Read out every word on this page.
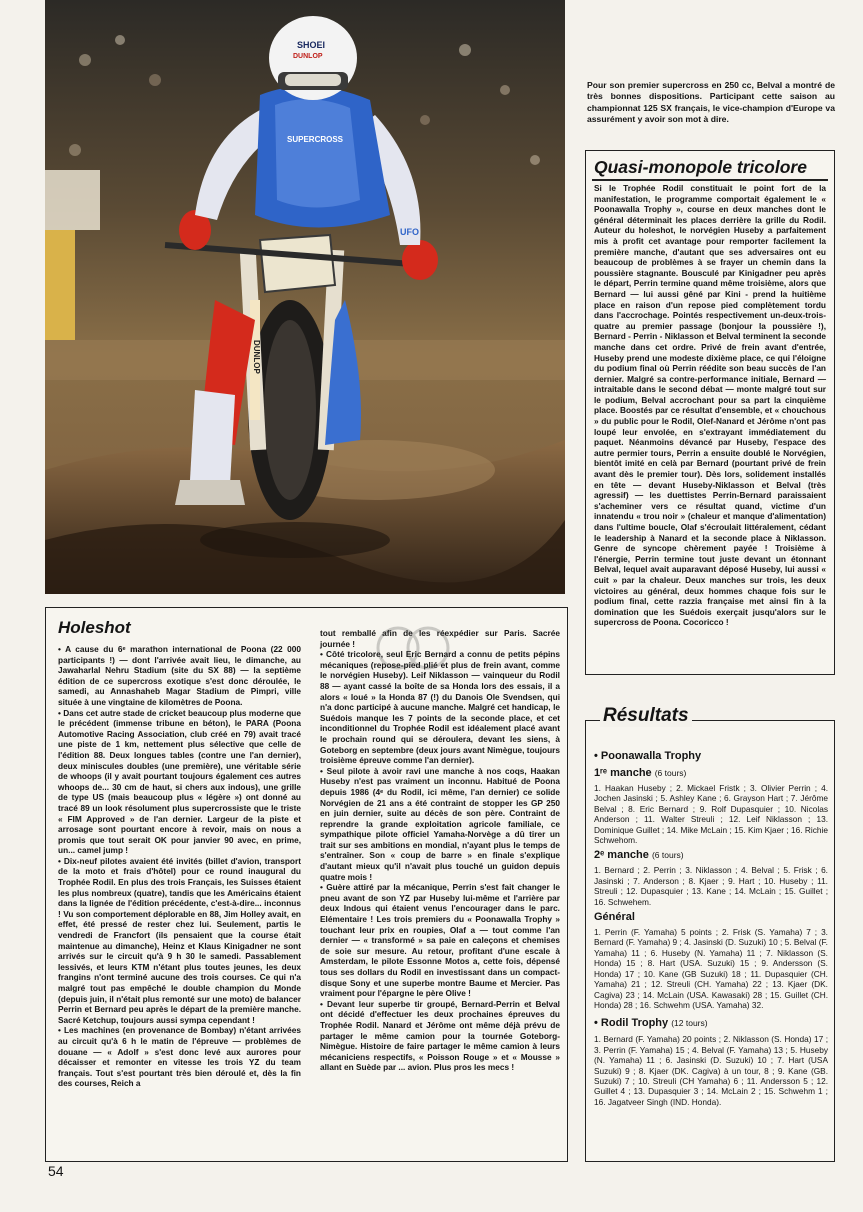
DUNLOP
SUPERCROSS
UFO
SHOEI
DUNLOP
Pour son premier supercross en 250 cc, Belval a montré de très bonnes dispositions. Participant cette saison au championnat 125 SX français, le vice-champion d'Europe va assurément y avoir son mot à dire.
Quasi-monopole tricolore
Si le Trophée Rodil constituait le point fort de la manifestation, le programme comportait également le « Poonawalla Trophy », course en deux manches dont le général déterminait les places derrière la grille du Rodil. Auteur du holeshot, le norvégien Huseby a parfaitement mis à profit cet avantage pour remporter facilement la première manche, d'autant que ses adversaires ont eu beaucoup de problèmes à se frayer un chemin dans la poussière stagnante. Bousculé par Kinigadner peu après le départ, Perrin termine quand même troisième, alors que Bernard — lui aussi gêné par Kini - prend la huitième place en raison d'un repose pied complètement tordu dans l'accrochage. Pointés respectivement un-deux-trois-quatre au premier passage (bonjour la poussière !), Bernard - Perrin - Niklasson et Belval terminent la seconde manche dans cet ordre. Privé de frein avant d'entrée, Huseby prend une modeste dixième place, ce qui l'éloigne du podium final où Perrin réédite son beau succès de l'an dernier. Malgré sa contre-performance initiale, Bernard — intraitable dans le second débat — monte malgré tout sur le podium, Belval accrochant pour sa part la cinquième place. Boostés par ce résultat d'ensemble, et « chouchous » du public pour le Rodil, Olef-Nanard et Jérôme n'ont pas loupé leur envolée, en s'extrayant immédiatement du paquet. Néanmoins dévancé par Huseby, l'espace des autre permier tours, Perrin a ensuite doublé le Norvégien, bientôt imité en celà par Bernard (pourtant privé de frein avant dès le premier tour). Dès lors, solidement installés en tête — devant Huseby-Niklasson et Belval (très agressif) — les duettistes Perrin-Bernard paraissaient s'acheminer vers ce résultat quand, victime d'un innatendu « trou noir » (chaleur et manque d'alimentation) dans l'ultime boucle, Olaf s'écroulait littéralement, cédant le leadership à Nanard et la seconde place à Niklasson. Genre de syncope chèrement payée ! Troisième à l'énergie, Perrin termine tout juste devant un étonnant Belval, lequel avait auparavant déposé Huseby, lui aussi « cuit » par la chaleur. Deux manches sur trois, les deux victoires au général, deux hommes chaque fois sur le podium final, cette razzia française met ainsi fin à la domination que les Suédois exerçait jusqu'alors sur le supercross de Poona. Cocoricco !
Holeshot

• A cause du 6ᵉ marathon international de Poona (22 000 participants !) — dont l'arrivée avait lieu, le dimanche, au Jawaharlal Nehru Stadium (site du SX 88) — la septième édition de ce supercross exotique s'est donc déroulée, le samedi, au Annashaheb Magar Stadium de Pimpri, ville située à une vingtaine de kilomètres de Poona.

• Dans cet autre stade de cricket beaucoup plus moderne que le précédent (immense tribune en béton), le PARA (Poona Automotive Racing Association, club créé en 79) avait tracé une piste de 1 km, nettement plus sélective que celle de l'édition 88. Deux longues tables (contre une l'an dernier), deux miniscules doubles (une première), une véritable série de whoops (il y avait pourtant toujours également ces autres whoops de... 30 cm de haut, si chers aux indous), une grille de type US (mais beaucoup plus « légère ») ont donné au tracé 89 un look résolument plus supercrossiste que le triste « FIM Approved » de l'an dernier. Largeur de la piste et arrosage sont pourtant encore à revoir, mais on nous a promis que tout serait OK pour janvier 90 avec, en prime, un... camel jump !

• Dix-neuf pilotes avaient été invités (billet d'avion, transport de la moto et frais d'hôtel) pour ce round inaugural du Trophée Rodil. En plus des trois Français, les Suisses étaient les plus nombreux (quatre), tandis que les Américains étaient dans la lignée de l'édition précédente, c'est-à-dire... inconnus ! Vu son comportement déplorable en 88, Jim Holley avait, en effet, été pressé de rester chez lui. Seulement, partis le vendredi de Francfort (ils pensaient que la course était maintenue au dimanche), Heinz et Klaus Kinigadner ne sont arrivés sur le circuit qu'à 9 h 30 le samedi. Passablement lessivés, et leurs KTM n'étant plus toutes jeunes, les deux frangins n'ont terminé aucune des trois courses. Ce qui n'a malgré tout pas empêché le double champion du Monde (depuis juin, il n'était plus remonté sur une moto) de balancer Perrin et Bernard peu après le départ de la première manche. Sacré Ketchup, toujours aussi sympa cependant !

• Les machines (en provenance de Bombay) n'étant arrivées au circuit qu'à 6 h le matin de l'épreuve — problèmes de douane — « Adolf » s'est donc levé aux aurores pour décaisser et remonter en vitesse les trois YZ du team français. Tout s'est pourtant très bien déroulé et, dès la fin des courses, Reich a

tout remballé afin de les réexpédier sur Paris. Sacrée journée !

• Côté tricolore, seul Eric Bernard a connu de petits pépins mécaniques (repose-pied plié et plus de frein avant, comme le norvégien Huseby). Leif Niklasson — vainqueur du Rodil 88 — ayant cassé la boîte de sa Honda lors des essais, il a alors « loué » la Honda 87 (!) du Danois Ole Svendsen, qui n'a donc participé à aucune manche. Malgré cet handicap, le Suédois manque les 7 points de la seconde place, et cet inconditionnel du Trophée Rodil est idéalement placé avant le prochain round qui se déroulera, devant les siens, à Goteborg en septembre (deux jours avant Nimègue, toujours troisième épreuve comme l'an dernier).

• Seul pilote à avoir ravi une manche à nos coqs, Haakan Huseby n'est pas vraiment un inconnu. Habitué de Poona depuis 1986 (4ᵉ du Rodil, ici même, l'an dernier) ce solide Norvégien de 21 ans a été contraint de stopper les GP 250 en juin dernier, suite au décès de son père. Contraint de reprendre la grande exploitation agricole familiale, ce sympathique pilote officiel Yamaha-Norvège a dû tirer un trait sur ses ambitions en mondial, n'ayant plus le temps de s'entraîner. Son « coup de barre » en finale s'explique d'autant mieux qu'il n'avait plus touché un guidon depuis quatre mois !

• Guère attiré par la mécanique, Perrin s'est fait changer le pneu avant de son YZ par Huseby lui-même et l'arrière par deux Indous qui étaient venus l'encourager dans le parc. Elémentaire ! Les trois premiers du « Poonawalla Trophy » touchant leur prix en roupies, Olaf a — tout comme l'an dernier — « transformé » sa paie en caleçons et chemises de soie sur mesure. Au retour, profitant d'une escale à Amsterdam, le pilote Essonne Motos a, cette fois, dépensé tous ses dollars du Rodil en investissant dans un compact-disque Sony et une superbe montre Baume et Mercier. Pas vraiment pour l'épargne le père Olive !

• Devant leur superbe tir groupé, Bernard-Perrin et Belval ont décidé d'effectuer les deux prochaines épreuves du Trophée Rodil. Nanard et Jérôme ont même déjà prévu de partager le même camion pour la tournée Goteborg-Nimègue. Histoire de faire partager le même camion à leurs mécaniciens respectifs, « Poisson Rouge » et « Mousse » allant en Suède par ... avion. Plus pros les mecs !

• Poonawalla Trophy
1ʳᵉ manche (6 tours)

1. Haakan Huseby ; 2. Mickael Fristk ; 3. Olivier Perrin ; 4. Jochen Jasinski ; 5. Ashley Kane ; 6. Grayson Hart ; 7. Jérôme Belval ; 8. Eric Bernard ; 9. Rolf Dupasquier ; 10. Nicolas Anderson ; 11. Walter Streuli ; 12. Leif Niklasson ; 13. Dominique Guillet ; 14. Mike McLain ; 15. Kim Kjaer ; 16. Richie Schwehom.

2ᵉ manche (6 tours)

1. Bernard ; 2. Perrin ; 3. Niklasson ; 4. Belval ; 5. Frisk ; 6. Jasinski ; 7. Anderson ; 8. Kjaer ; 9. Hart ; 10. Huseby ; 11. Streuli ; 12. Dupasquier ; 13. Kane ; 14. McLain ; 15. Guillet ; 16. Schwehem.

Général

1. Perrin (F. Yamaha) 5 points ; 2. Frisk (S. Yamaha) 7 ; 3. Bernard (F. Yamaha) 9 ; 4. Jasinski (D. Suzuki) 10 ; 5. Belval (F. Yamaha) 11 ; 6. Huseby (N. Yamaha) 11 ; 7. Niklasson (S. Honda) 15 ; 8. Hart (USA. Suzuki) 15 ; 9. Andersson (S. Honda) 17 ; 10. Kane (GB Suzuki) 18 ; 11. Dupasquier (CH. Yamaha) 21 ; 12. Streuli (CH. Yamaha) 22 ; 13. Kjaer (DK. Cagiva) 23 ; 14. McLain (USA. Kawasaki) 28 ; 15. Guillet (CH. Honda) 28 ; 16. Schwehm (USA. Yamaha) 32.

• Rodil Trophy (12 tours)

1. Bernard (F. Yamaha) 20 points ; 2. Niklasson (S. Honda) 17 ; 3. Perrin (F. Yamaha) 15 ; 4. Belval (F. Yamaha) 13 ; 5. Huseby (N. Yamaha) 11 ; 6. Jasinski (D. Suzuki) 10 ; 7. Hart (USA Suzuki) 9 ; 8. Kjaer (DK. Cagiva) à un tour, 8 ; 9. Kane (GB. Suzuki) 7 ; 10. Streuli (CH Yamaha) 6 ; 11. Andersson 5 ; 12. Guillet 4 ; 13. Dupasquier 3 ; 14. McLain 2 ; 15. Schwehm 1 ; 16. Jagatveer Singh (IND. Honda).

Résultats
54
